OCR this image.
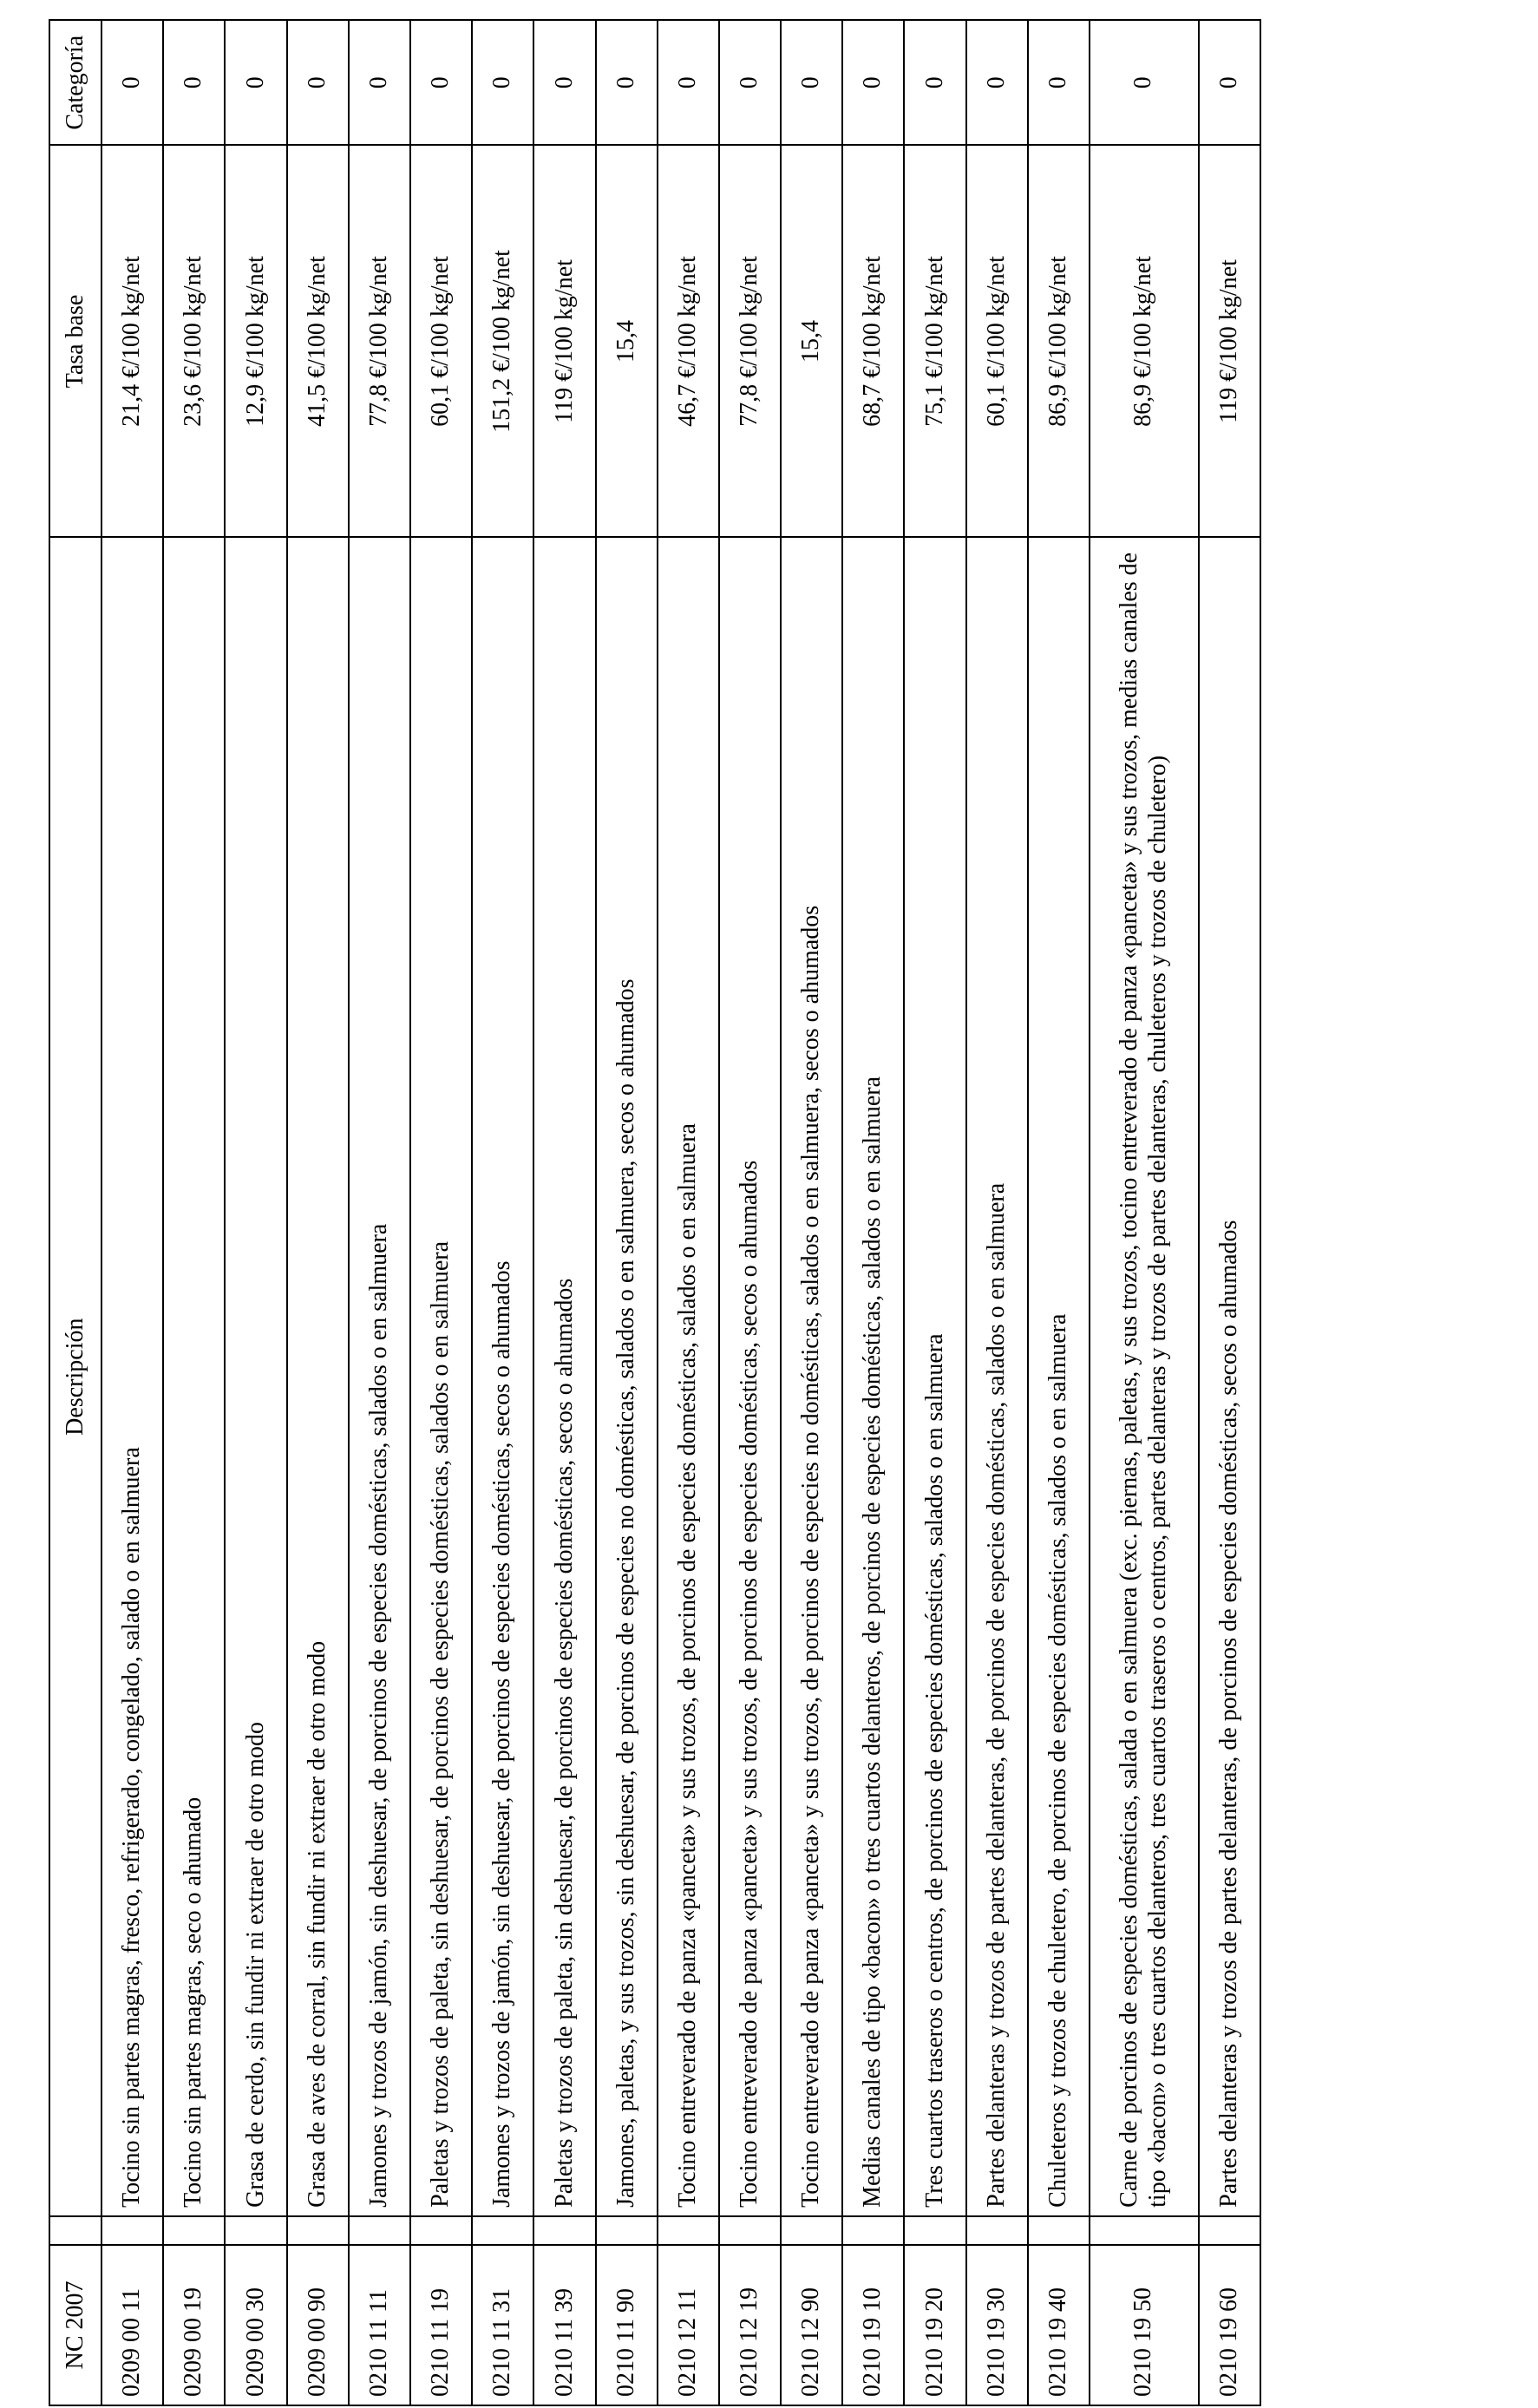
NC 2007		Descripción	Tasa base	Categoría
0209 00 11		Tocino sin partes magras, fresco, refrigerado, congelado, salado o en salmuera	21,4 €/100 kg/net	0
0209 00 19		Tocino sin partes magras, seco o ahumado	23,6 €/100 kg/net	0
0209 00 30		Grasa de cerdo, sin fundir ni extraer de otro modo	12,9 €/100 kg/net	0
0209 00 90		Grasa de aves de corral, sin fundir ni extraer de otro modo	41,5 €/100 kg/net	0
0210 11 11		Jamones y trozos de jamón, sin deshuesar, de porcinos de especies domésticas, salados o en salmuera	77,8 €/100 kg/net	0
0210 11 19		Paletas y trozos de paleta, sin deshuesar, de porcinos de especies domésticas, salados o en salmuera	60,1 €/100 kg/net	0
0210 11 31		Jamones y trozos de jamón, sin deshuesar, de porcinos de especies domésticas, secos o ahumados	151,2 €/100 kg/net	0
0210 11 39		Paletas y trozos de paleta, sin deshuesar, de porcinos de especies domésticas, secos o ahumados	119 €/100 kg/net	0
0210 11 90		Jamones, paletas, y sus trozos, sin deshuesar, de porcinos de especies no domésticas, salados o en salmuera, secos o ahumados	15,4	0
0210 12 11		Tocino entreverado de panza «panceta» y sus trozos, de porcinos de especies domésticas, salados o en salmuera	46,7 €/100 kg/net	0
0210 12 19		Tocino entreverado de panza «panceta» y sus trozos, de porcinos de especies domésticas, secos o ahumados	77,8 €/100 kg/net	0
0210 12 90		Tocino entreverado de panza «panceta» y sus trozos, de porcinos de especies no domésticas, salados o en salmuera, secos o ahumados	15,4	0
0210 19 10		Medias canales de tipo «bacon» o tres cuartos delanteros, de porcinos de especies domésticas, salados o en salmuera	68,7 €/100 kg/net	0
0210 19 20		Tres cuartos traseros o centros, de porcinos de especies domésticas, salados o en salmuera	75,1 €/100 kg/net	0
0210 19 30		Partes delanteras y trozos de partes delanteras, de porcinos de especies domésticas, salados o en salmuera	60,1 €/100 kg/net	0
0210 19 40		Chuleteros y trozos de chuletero, de porcinos de especies domésticas, salados o en salmuera	86,9 €/100 kg/net	0
0210 19 50		Carne de porcinos de especies domésticas, salada o en salmuera (exc. piernas, paletas, y sus trozos, tocino entreverado de panza «panceta» y sus trozos, medias canales de tipo «bacon» o tres cuartos delanteros, tres cuartos traseros o centros, partes delanteras y trozos de partes delanteras, chuleteros y trozos de chuletero)	86,9 €/100 kg/net	0
0210 19 60		Partes delanteras y trozos de partes delanteras, de porcinos de especies domésticas, secos o ahumados	119 €/100 kg/net	0
